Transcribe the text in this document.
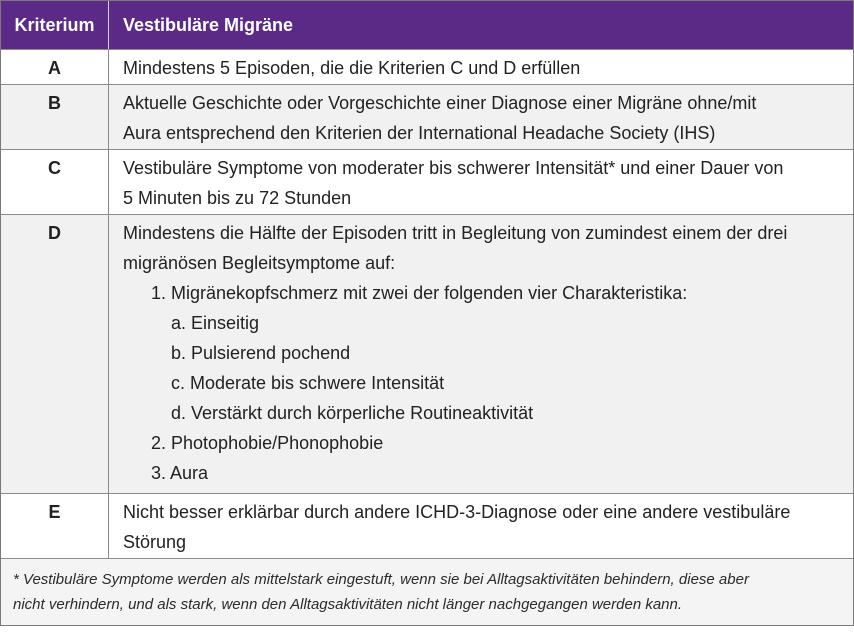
Kriterium	Vestibuläre Migräne
A	Mindestens 5 Episoden, die die Kriterien C und D erfüllen
B	Aktuelle Geschichte oder Vorgeschichte einer Diagnose einer Migräne ohne/mit
Aura entsprechend den Kriterien der International Headache Society (IHS)
C	Vestibuläre Symptome von moderater bis schwerer Intensität* und einer Dauer von
5 Minuten bis zu 72 Stunden
D	Mindestens die Hälfte der Episoden tritt in Begleitung von zumindest einem der drei
migränösen Begleitsymptome auf:
1. Migränekopfschmerz mit zwei der folgenden vier Charakteristika:
a. Einseitig
b. Pulsierend pochend
c. Moderate bis schwere Intensität
d. Verstärkt durch körperliche Routineaktivität
2. Photophobie/Phonophobie
3. Aura
E	Nicht besser erklärbar durch andere ICHD-3-Diagnose oder eine andere vestibuläre
Störung
* Vestibuläre Symptome werden als mittelstark eingestuft, wenn sie bei Alltagsaktivitäten behindern, diese aber
nicht verhindern, und als stark, wenn den Alltagsaktivitäten nicht länger nachgegangen werden kann.
